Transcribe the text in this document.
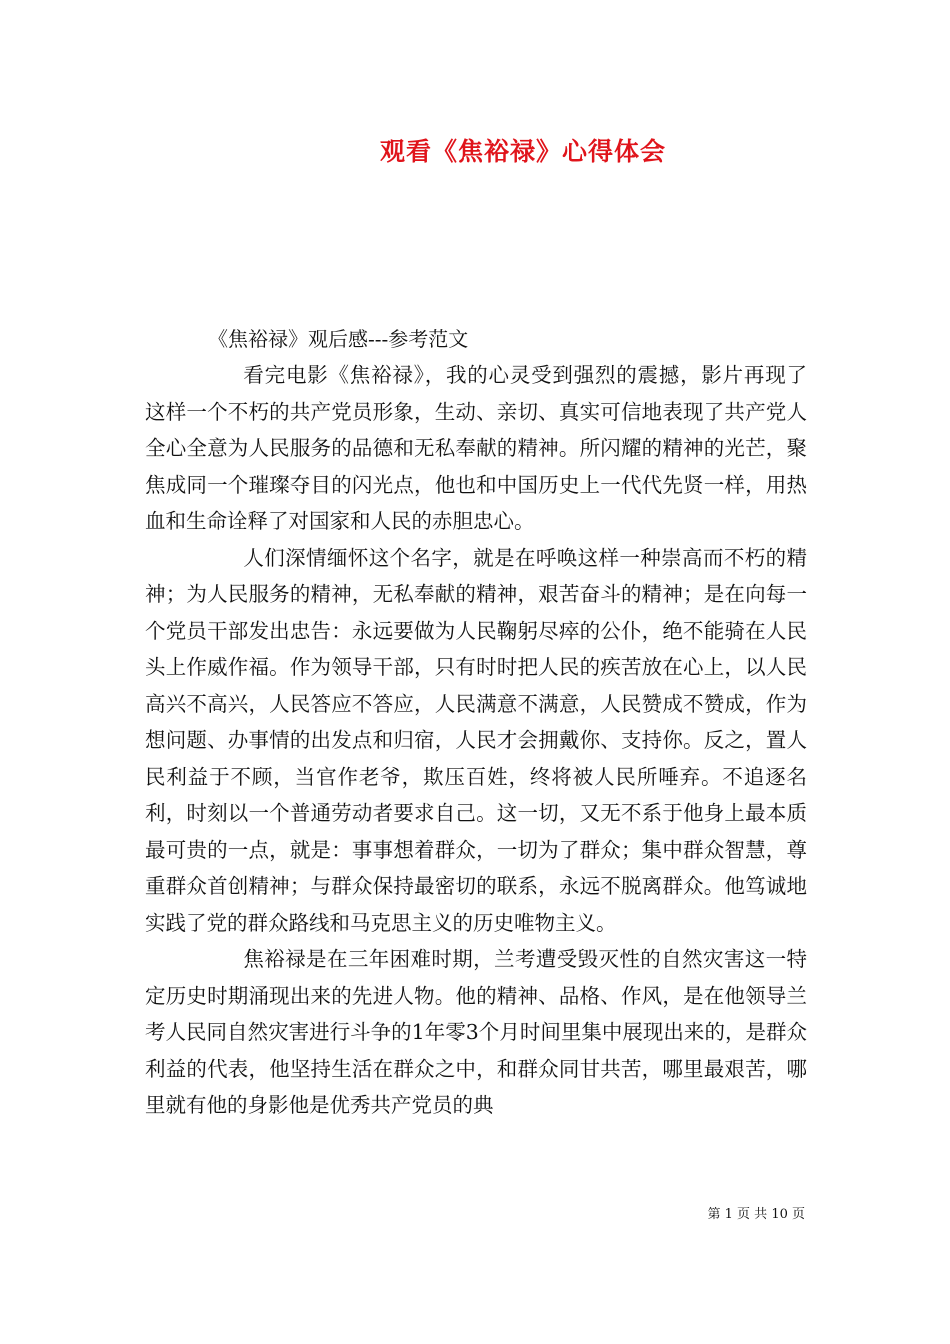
观看《焦裕禄》心得体会
《焦裕禄》观后感---参考范文

看完电影《焦裕禄》，我的心灵受到强烈的震撼，影片再现了这样一个不朽的共产党员形象，生动、亲切、真实可信地表现了共产党人全心全意为人民服务的品德和无私奉献的精神。所闪耀的精神的光芒，聚焦成同一个璀璨夺目的闪光点，他也和中国历史上一代代先贤一样，用热血和生命诠释了对国家和人民的赤胆忠心。

人们深情缅怀这个名字，就是在呼唤这样一种崇高而不朽的精神；为人民服务的精神，无私奉献的精神，艰苦奋斗的精神；是在向每一个党员干部发出忠告：永远要做为人民鞠躬尽瘁的公仆，绝不能骑在人民头上作威作福。作为领导干部，只有时时把人民的疾苦放在心上，以人民高兴不高兴，人民答应不答应，人民满意不满意，人民赞成不赞成，作为想问题、办事情的出发点和归宿，人民才会拥戴你、支持你。反之，置人民利益于不顾，当官作老爷，欺压百姓，终将被人民所唾弃。不追逐名利，时刻以一个普通劳动者要求自己。这一切，又无不系于他身上最本质最可贵的一点，就是：事事想着群众，一切为了群众；集中群众智慧，尊重群众首创精神；与群众保持最密切的联系，永远不脱离群众。他笃诚地实践了党的群众路线和马克思主义的历史唯物主义。

焦裕禄是在三年困难时期，兰考遭受毁灭性的自然灾害这一特定历史时期涌现出来的先进人物。他的精神、品格、作风，是在他领导兰考人民同自然灾害进行斗争的1年零3个月时间里集中展现出来的，是群众利益的代表，他坚持生活在群众之中，和群众同甘共苦，哪里最艰苦，哪里就有他的身影他是优秀共产党员的典

第 1 页 共 10 页
